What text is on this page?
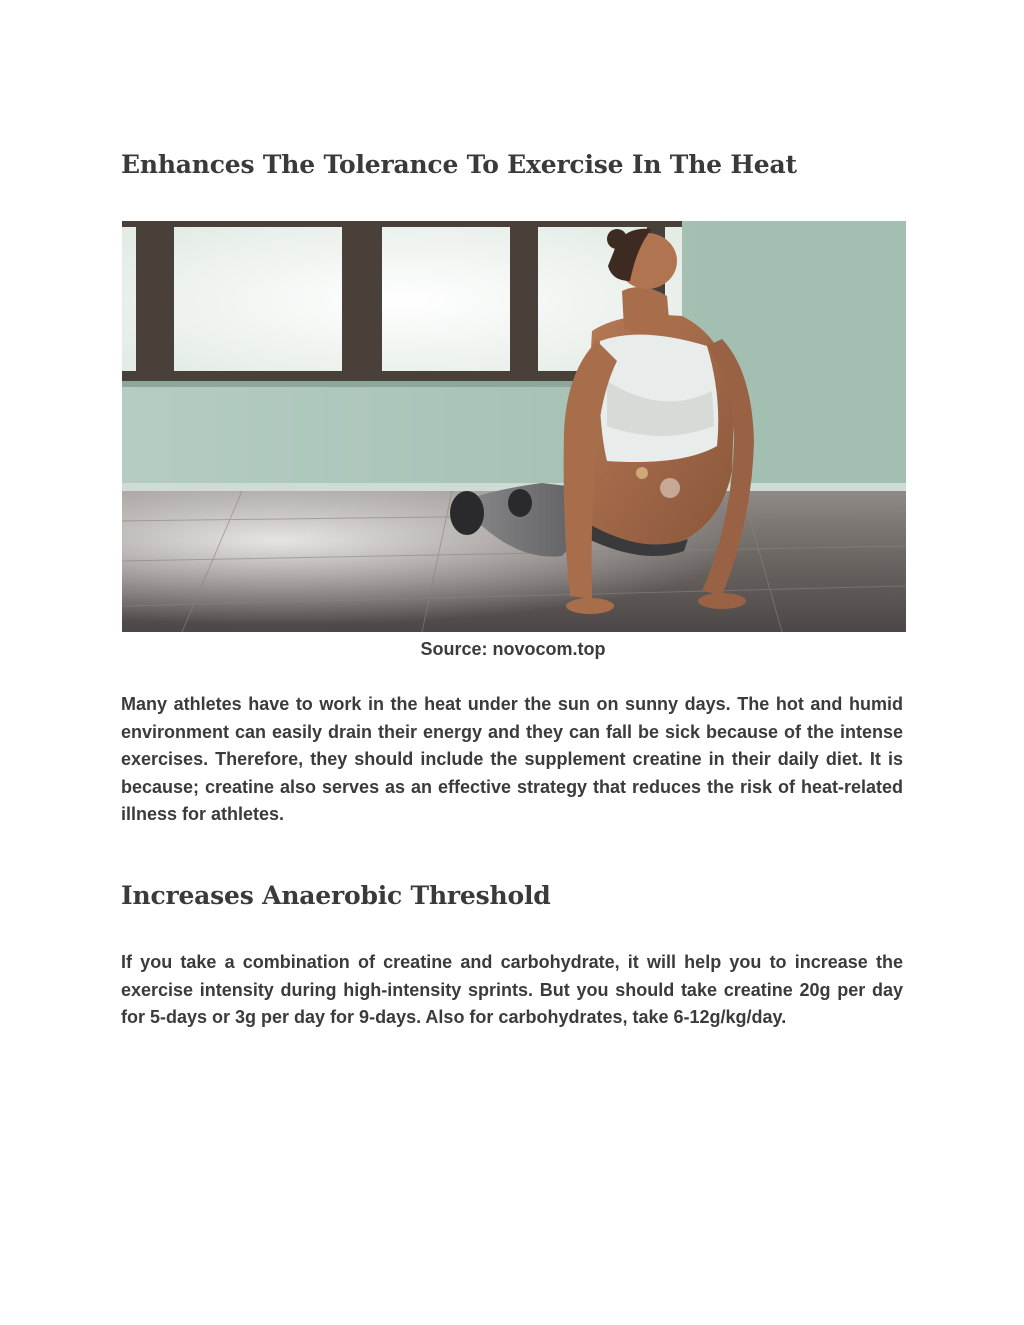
Enhances The Tolerance To Exercise In The Heat

Source: novocom.top

Many athletes have to work in the heat under the sun on sunny days. The hot and humid environment can easily drain their energy and they can fall be sick because of the intense exercises. Therefore, they should include the supplement creatine in their daily diet. It is because; creatine also serves as an effective strategy that reduces the risk of heat-related illness for athletes.

Increases Anaerobic Threshold

If you take a combination of creatine and carbohydrate, it will help you to increase the exercise intensity during high-intensity sprints. But you should take creatine 20g per day for 5-days or 3g per day for 9-days. Also for carbohydrates, take 6-12g/kg/day.
